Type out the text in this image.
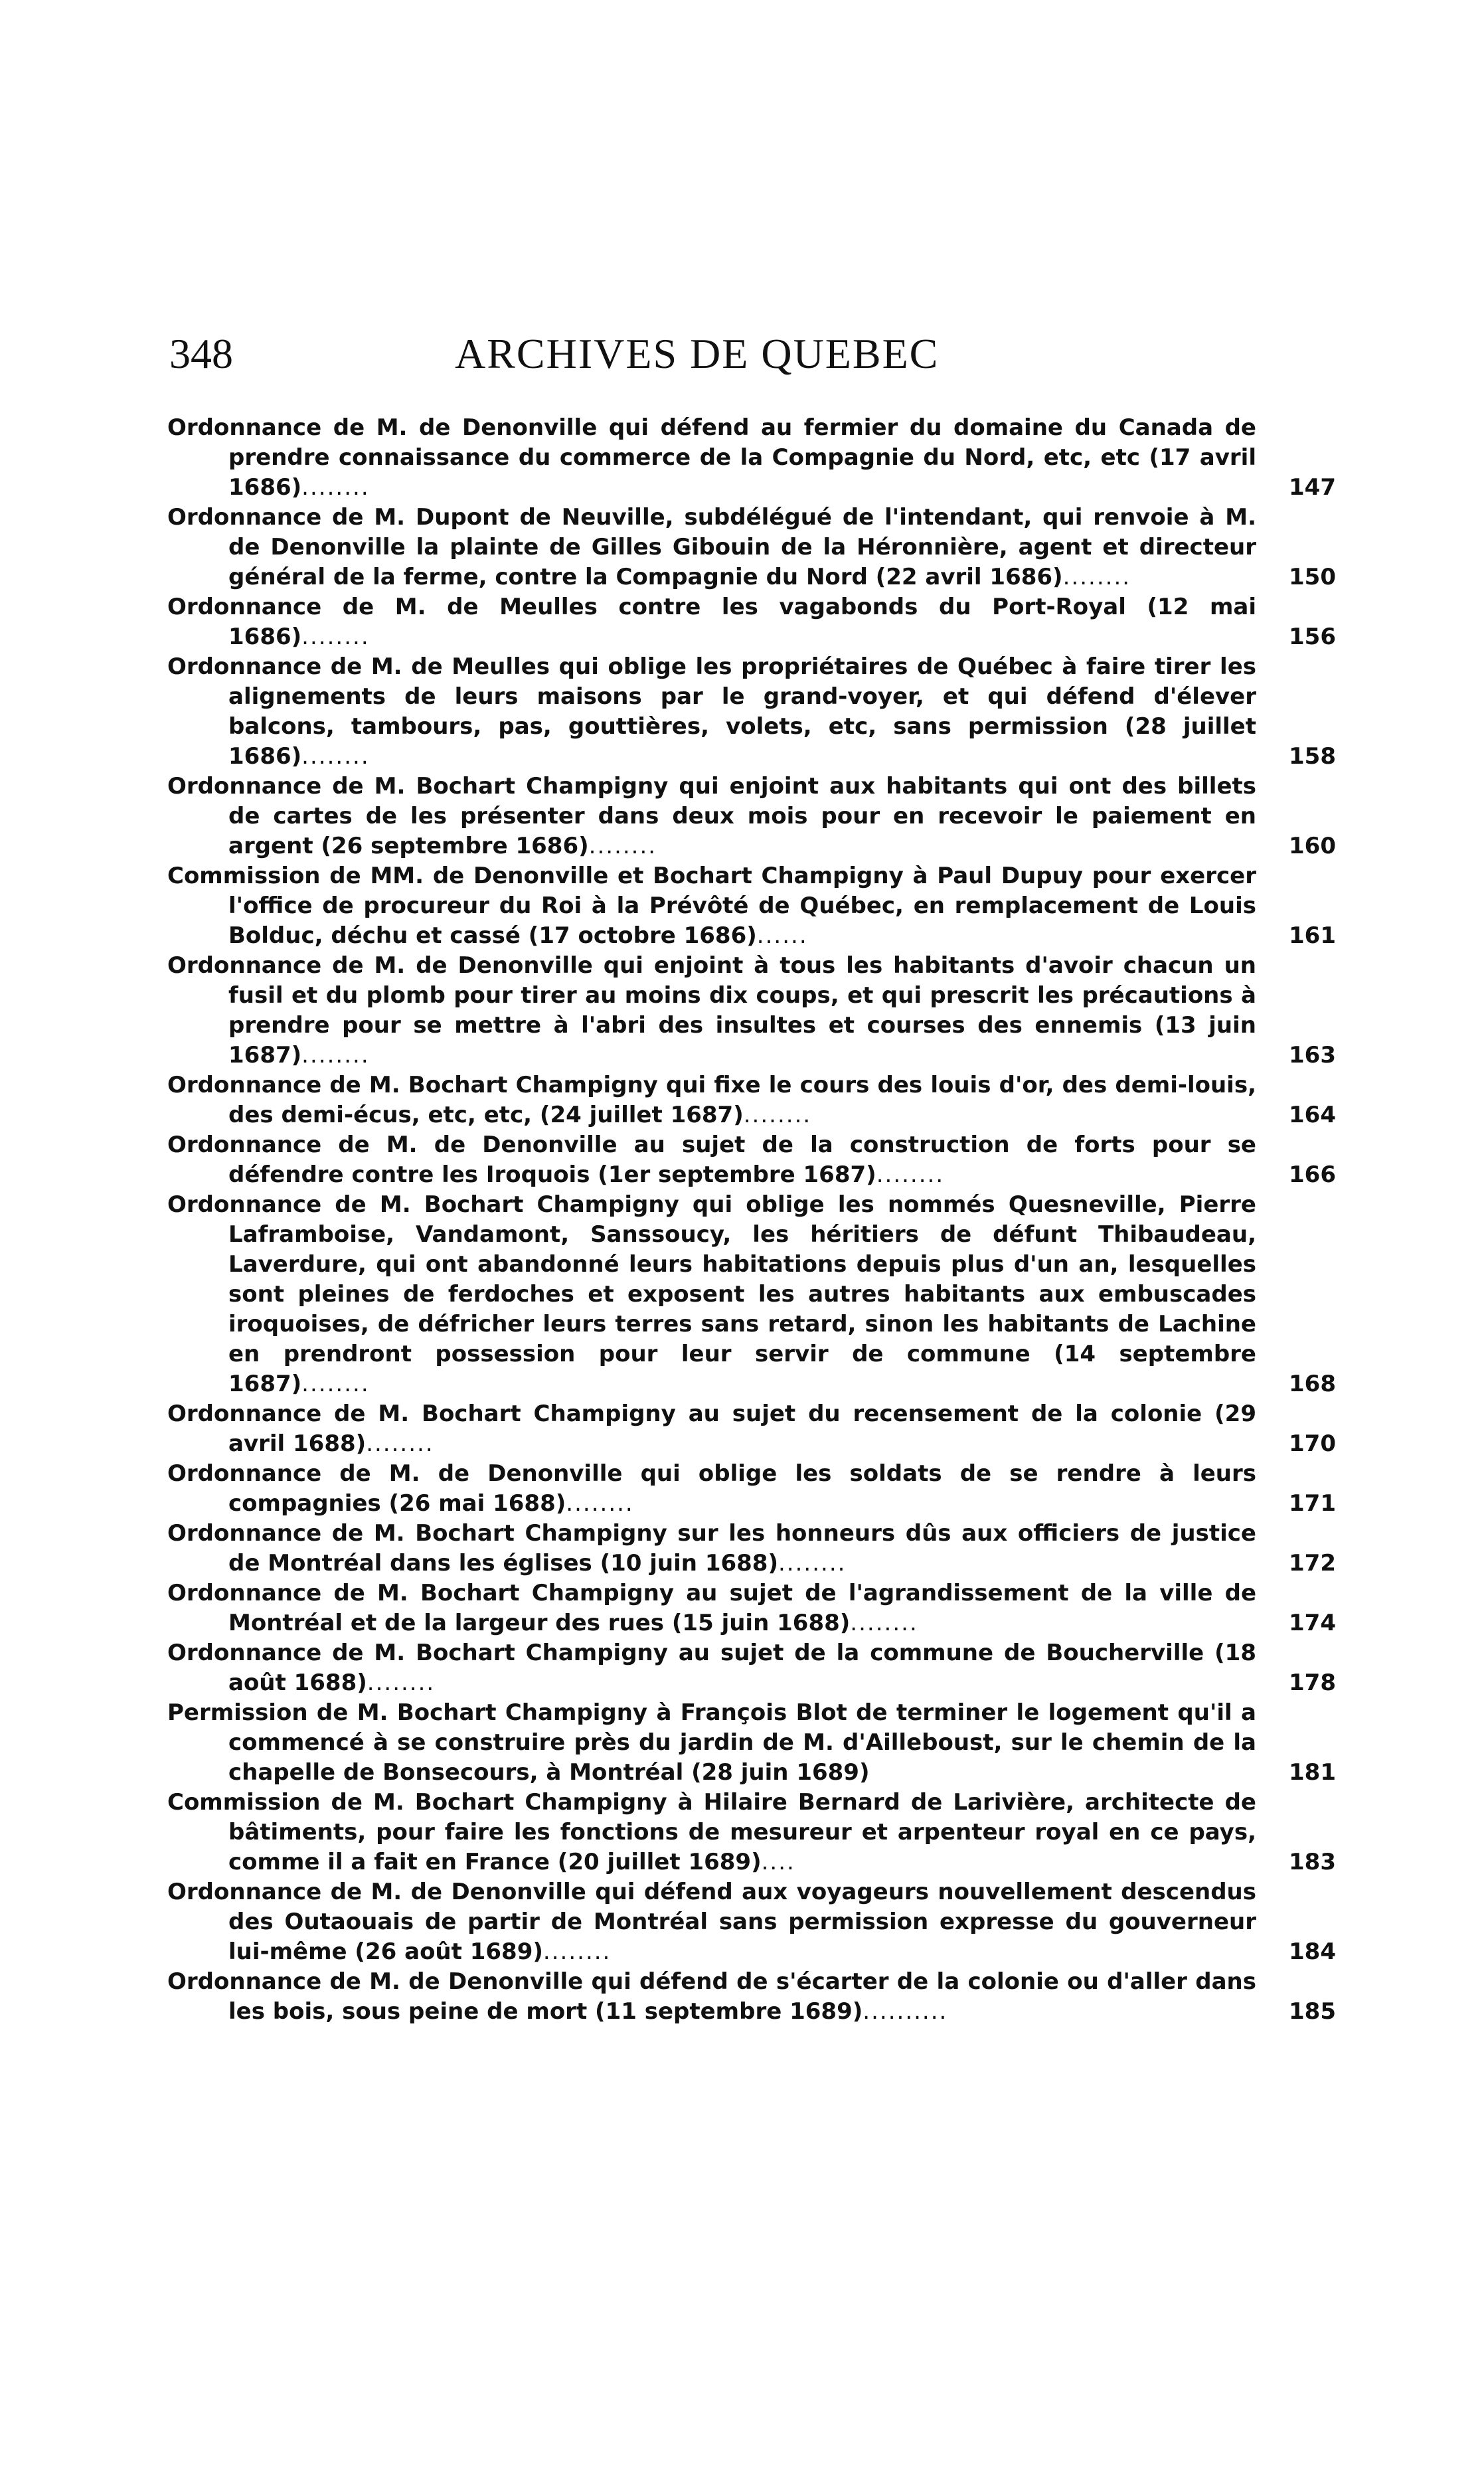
348	ARCHIVES DE QUEBEC

Ordonnance de M. de Denonville qui défend au fermier du domaine du Canada de prendre connaissance du commerce de la Compagnie du Nord, etc, etc (17 avril 1686)........	147

Ordonnance de M. Dupont de Neuville, subdélégué de l'intendant, qui renvoie à M. de Denonville la plainte de Gilles Gibouin de la Héronnière, agent et directeur général de la ferme, contre la Compagnie du Nord (22 avril 1686)........	150

Ordonnance de M. de Meulles contre les vagabonds du Port-Royal (12 mai 1686)........	156

Ordonnance de M. de Meulles qui oblige les propriétaires de Québec à faire tirer les alignements de leurs maisons par le grand-voyer, et qui défend d'élever balcons, tambours, pas, gouttières, volets, etc, sans permission (28 juillet 1686)........	158

Ordonnance de M. Bochart Champigny qui enjoint aux habitants qui ont des billets de cartes de les présenter dans deux mois pour en recevoir le paiement en argent (26 septembre 1686)........	160

Commission de MM. de Denonville et Bochart Champigny à Paul Dupuy pour exercer l'office de procureur du Roi à la Prévôté de Québec, en remplacement de Louis Bolduc, déchu et cassé (17 octobre 1686)......	161

Ordonnance de M. de Denonville qui enjoint à tous les habitants d'avoir chacun un fusil et du plomb pour tirer au moins dix coups, et qui prescrit les précautions à prendre pour se mettre à l'abri des insultes et courses des ennemis (13 juin 1687)........	163

Ordonnance de M. Bochart Champigny qui fixe le cours des louis d'or, des demi-louis, des demi-écus, etc, etc, (24 juillet 1687)........	164

Ordonnance de M. de Denonville au sujet de la construction de forts pour se défendre contre les Iroquois (1er septembre 1687)........	166

Ordonnance de M. Bochart Champigny qui oblige les nommés Quesneville, Pierre Laframboise, Vandamont, Sanssoucy, les héritiers de défunt Thibaudeau, Laverdure, qui ont abandonné leurs habitations depuis plus d'un an, lesquelles sont pleines de ferdoches et exposent les autres habitants aux embuscades iroquoises, de défricher leurs terres sans retard, sinon les habitants de Lachine en prendront possession pour leur servir de commune (14 septembre 1687)........	168

Ordonnance de M. Bochart Champigny au sujet du recensement de la colonie (29 avril 1688)........	170

Ordonnance de M. de Denonville qui oblige les soldats de se rendre à leurs compagnies (26 mai 1688)........	171

Ordonnance de M. Bochart Champigny sur les honneurs dûs aux officiers de justice de Montréal dans les églises (10 juin 1688)........	172

Ordonnance de M. Bochart Champigny au sujet de l'agrandissement de la ville de Montréal et de la largeur des rues (15 juin 1688)........	174

Ordonnance de M. Bochart Champigny au sujet de la commune de Boucherville (18 août 1688)........	178

Permission de M. Bochart Champigny à François Blot de terminer le logement qu'il a commencé à se construire près du jardin de M. d'Ailleboust, sur le chemin de la chapelle de Bonsecours, à Montréal (28 juin 1689)	181

Commission de M. Bochart Champigny à Hilaire Bernard de Larivière, architecte de bâtiments, pour faire les fonctions de mesureur et arpenteur royal en ce pays, comme il a fait en France (20 juillet 1689)....	183

Ordonnance de M. de Denonville qui défend aux voyageurs nouvellement descendus des Outaouais de partir de Montréal sans permission expresse du gouverneur lui-même (26 août 1689)........	184

Ordonnance de M. de Denonville qui défend de s'écarter de la colonie ou d'aller dans les bois, sous peine de mort (11 septembre 1689)..........	185
